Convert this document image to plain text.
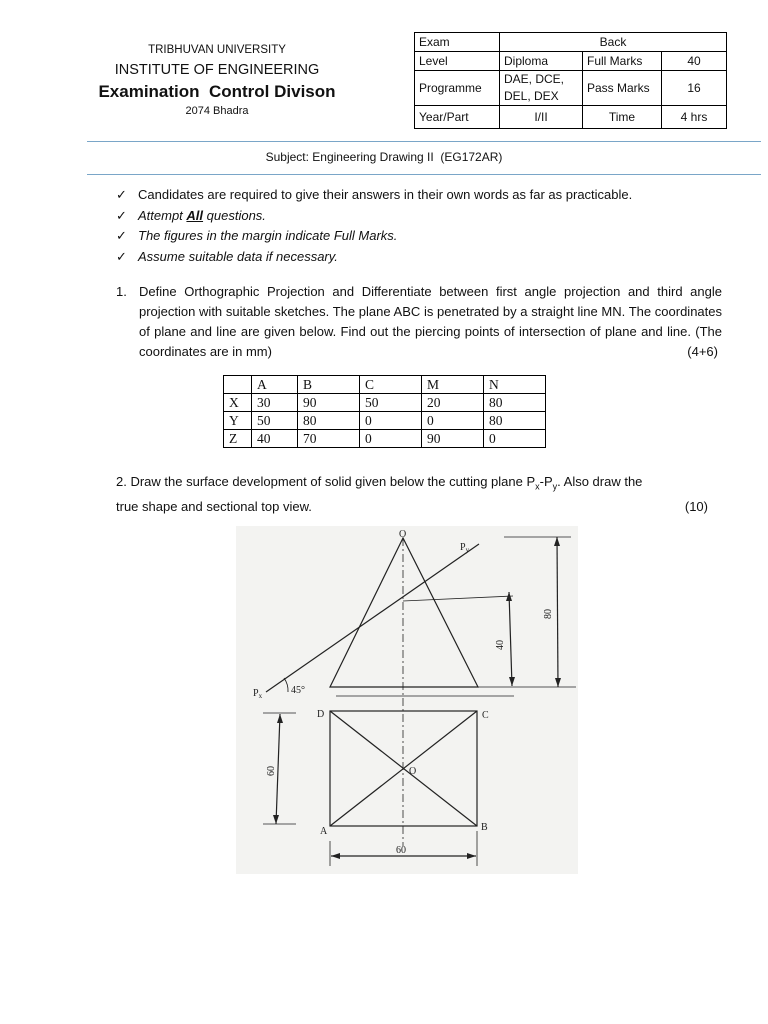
TRIBHUVAN UNIVERSITY
INSTITUTE OF ENGINEERING
Examination  Control Divison
2074 Bhadra
Exam	Back		
Level	Diploma	Full Marks	40
Programme	DAE, DCE,
DEL, DEX	Pass Marks	16
Year/Part	I/II	Time	4 hrs
Subject: Engineering Drawing II  (EG172AR)
✓ Candidates are required to give their answers in their own words as far as practicable.
✓ Attempt All questions.
✓ The figures in the margin indicate Full Marks.
✓ Assume suitable data if necessary.
1. Define Orthographic Projection and Differentiate between first angle projection and third angle projection with suitable sketches. The plane ABC is penetrated by a straight line MN. The coordinates of plane and line are given below. Find out the piercing points of intersection of plane and line. (The coordinates are in mm)	(4+6)
	A	B	C	M	N
X	30	90	50	20	80
Y	50	80	0	0	80
Z	40	70	0	90	0
2. Draw the surface development of solid given below the cutting plane $P_x-P_y$. Also draw the
true shape and sectional top view.	(10)
O
$P_y$
$P_x$	45°
40
80
D	C
O
A	B
60
60
